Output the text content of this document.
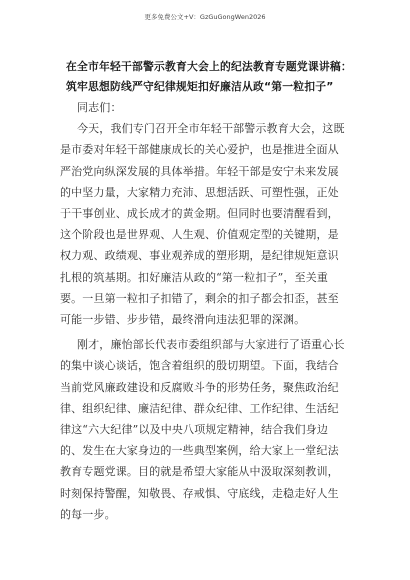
更多免费公文+V：GzGuGongWen2026
在全市年轻干部警示教育大会上的纪法教育专题党课讲稿：
筑牢思想防线严守纪律规矩扣好廉洁从政“第一粒扣子”
同志们：
今天，我们专门召开全市年轻干部警示教育大会，这既
是市委对年轻干部健康成长的关心爱护，也是推进全面从
严治党向纵深发展的具体举措。年轻干部是安宁未来发展
的中坚力量，大家精力充沛、思想活跃、可塑性强，正处
于干事创业、成长成才的黄金期。但同时也要清醒看到，
这个阶段也是世界观、人生观、价值观定型的关键期，是
权力观、政绩观、事业观养成的塑形期，是纪律规矩意识
扎根的筑基期。扣好廉洁从政的“第一粒扣子”，至关重
要。一旦第一粒扣子扣错了，剩余的扣子都会扣歪，甚至
可能一步错、步步错，最终滑向违法犯罪的深渊。
刚才，廉怡部长代表市委组织部与大家进行了语重心长
的集中谈心谈话，饱含着组织的殷切期望。下面，我结合
当前党风廉政建设和反腐败斗争的形势任务，聚焦政治纪
律、组织纪律、廉洁纪律、群众纪律、工作纪律、生活纪
律这“六大纪律”以及中央八项规定精神，结合我们身边
的、发生在大家身边的一些典型案例，给大家上一堂纪法
教育专题党课。目的就是希望大家能从中汲取深刻教训，
时刻保持警醒，知敬畏、存戒惧、守底线，走稳走好人生
的每一步。
